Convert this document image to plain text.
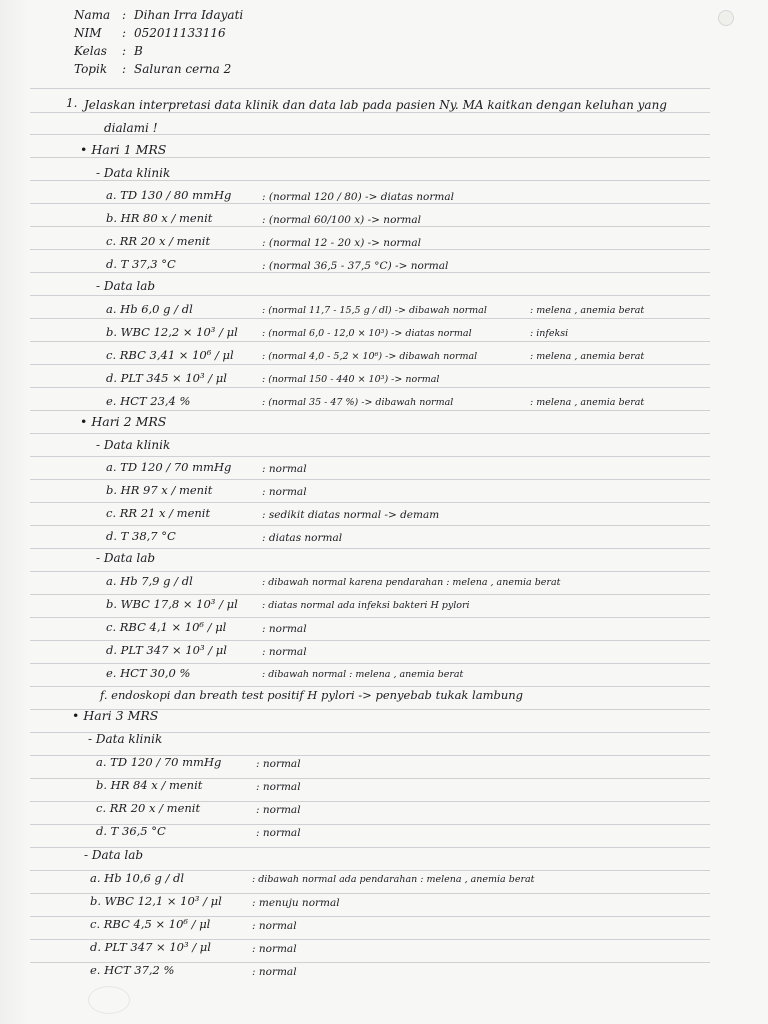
Nama : Dihan Irra Idayati
NIM	: 052011133116
Kelas	: B
Topik	: Saluran cerna 2
1. Jelaskan interpretasi data klinik dan data lab pada pasien Ny. MA kaitkan dengan keluhan yang
dialami !
• Hari 1 MRS
- Data klinik
a. TD 130 / 80 mmHg	: (normal 120 / 80) -> diatas normal
b. HR 80 x / menit	: (normal 60/100 x) -> normal
c. RR 20 x / menit	: (normal 12 - 20 x) -> normal
d. T 37,3 °C	: (normal 36,5 - 37,5 °C) -> normal
- Data lab
a. Hb 6,0 g / dl	: (normal 11,7 - 15,5 g / dl) -> dibawah normal	: melena , anemia berat
b. WBC 12,2 × 10³ / μl	: (normal 6,0 - 12,0 × 10³) -> diatas normal	: infeksi
c. RBC 3,41 × 10⁶ / μl	: (normal 4,0 - 5,2 × 10⁶) -> dibawah normal	: melena , anemia berat
d. PLT 345 × 10³ / μl	: (normal 150 - 440 × 10³) -> normal
e. HCT 23,4 %	: (normal 35 - 47 %) -> dibawah normal	: melena , anemia berat
• Hari 2 MRS
- Data klinik
a. TD 120 / 70 mmHg	: normal
b. HR 97 x / menit	: normal
c. RR 21 x / menit	: sedikit diatas normal -> demam
d. T 38,7 °C	: diatas normal
- Data lab
a. Hb 7,9 g / dl	: dibawah normal karena pendarahan : melena , anemia berat
b. WBC 17,8 × 10³ / μl	: diatas normal ada infeksi bakteri H pylori
c. RBC 4,1 × 10⁶ / μl	: normal
d. PLT 347 × 10³ / μl	: normal
e. HCT 30,0 %	: dibawah normal : melena , anemia berat
f. endoskopi dan breath test positif H pylori -> penyebab tukak lambung
• Hari 3 MRS
- Data klinik
a. TD 120 / 70 mmHg	: normal
b. HR 84 x / menit	: normal
c. RR 20 x / menit	: normal
d. T 36,5 °C	: normal
- Data lab
a. Hb 10,6 g / dl	: dibawah normal ada pendarahan : melena , anemia berat
b. WBC 12,1 × 10³ / μl	: menuju normal
c. RBC 4,5 × 10⁶ / μl	: normal
d. PLT 347 × 10³ / μl	: normal
e. HCT 37,2 %	: normal
